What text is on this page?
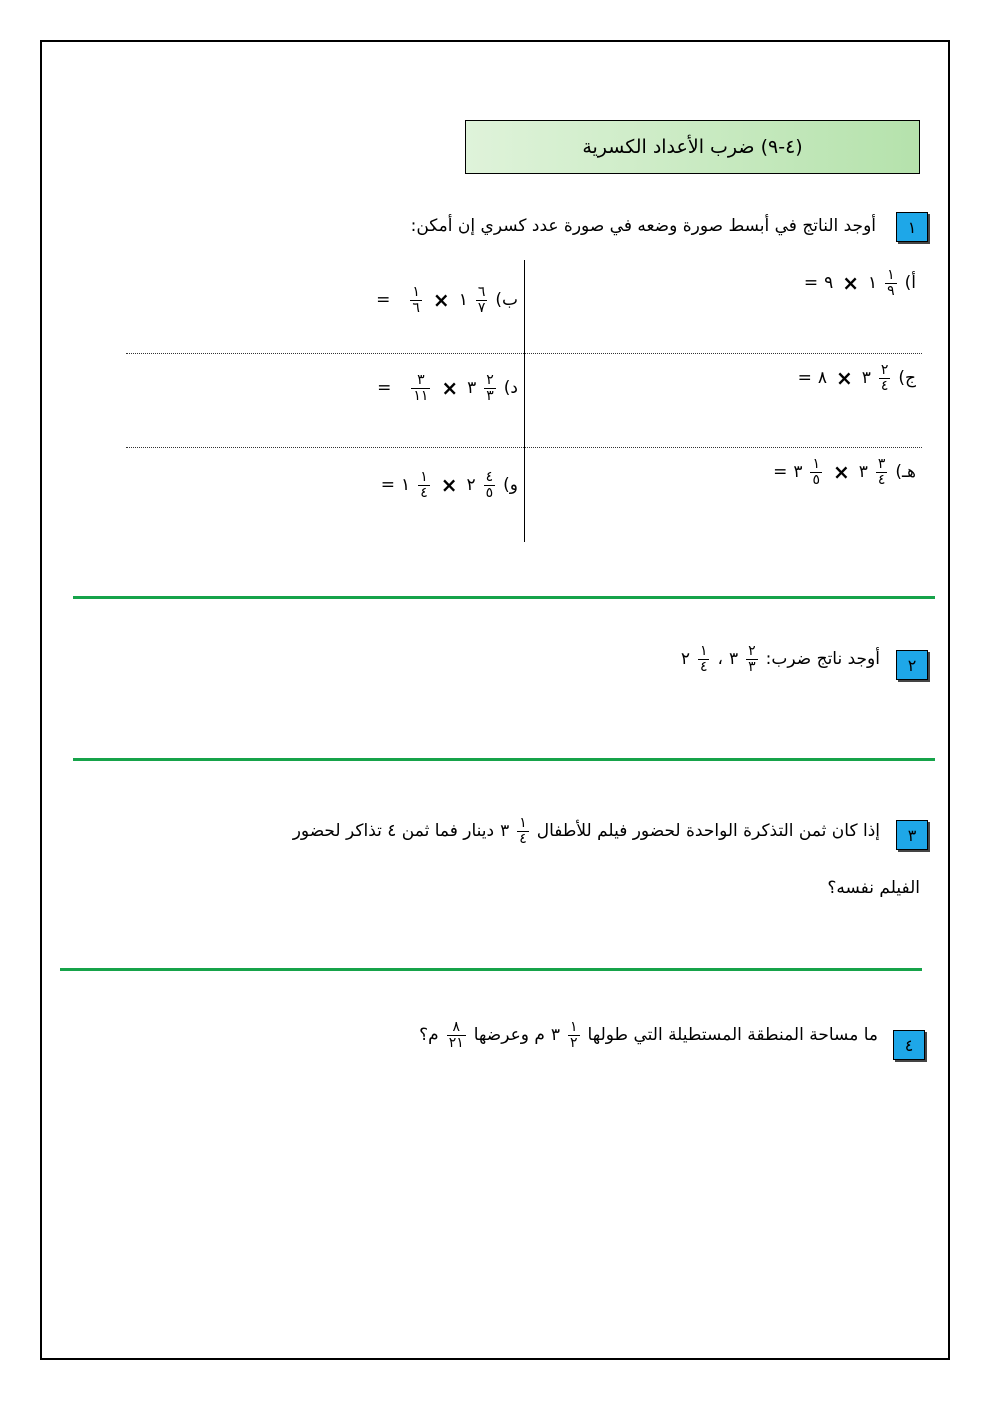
(٤-٩) ضرب الأعداد الكسرية
١
أوجد الناتج في أبسط صورة وضعه في صورة عدد كسري إن أمكن:
أ)
$\frac{١}{٩}$
١
×
٩
=
ب)
$\frac{٦}{٧}$
١
×
$\frac{١}{٦}$
=
ج)
$\frac{٢}{٤}$
٣
×
٨
=
د)
$\frac{٢}{٣}$
٣
×
$\frac{٣}{١١}$
=
هـ)
$\frac{٣}{٤}$
٣
×
$\frac{١}{٥}$
٣
=
و)
$\frac{٤}{٥}$
٢
×
$\frac{١}{٤}$
١
=
٢
أوجد ناتج ضرب:
$\frac{٢}{٣}$
٣
،
$\frac{١}{٤}$
٢
٣
إذا كان ثمن التذكرة الواحدة لحضور فيلم للأطفال
$\frac{١}{٤}$
٣
دينار فما ثمن ٤ تذاكر لحضور
الفيلم نفسه؟
٤
ما مساحة المنطقة المستطيلة التي طولها
$\frac{١}{٢}$
٣
م وعرضها
$\frac{٨}{٢١}$
م؟
